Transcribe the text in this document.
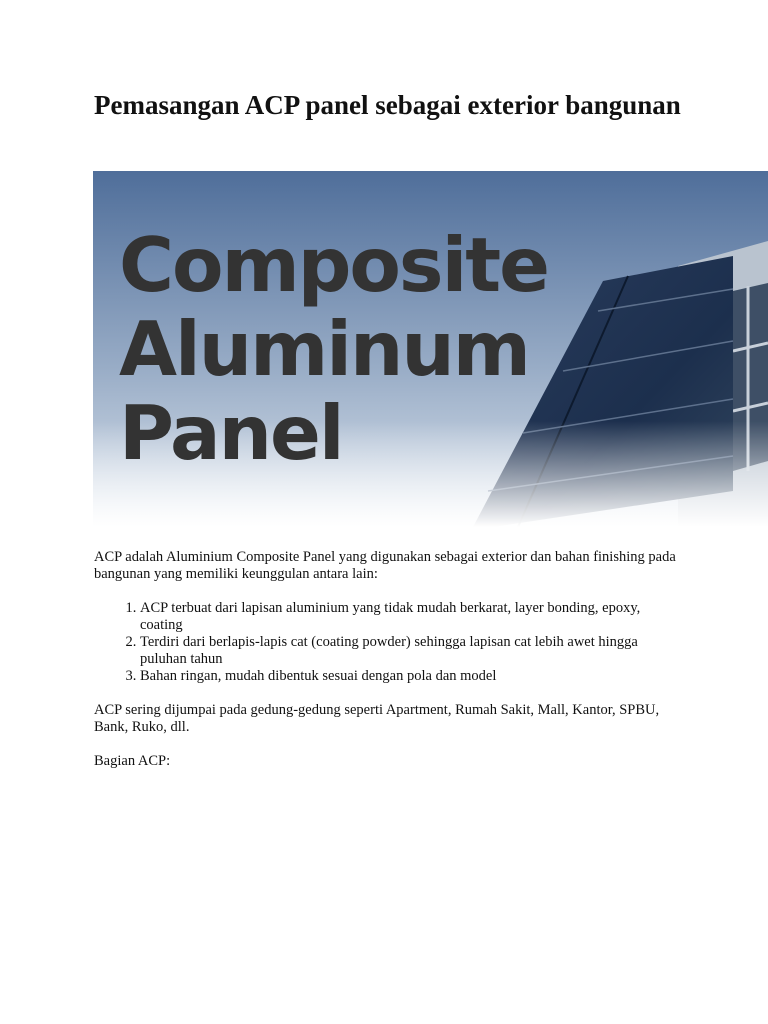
Pemasangan ACP panel sebagai exterior bangunan
Composite
Aluminum
Panel

ACP adalah Aluminium Composite Panel yang digunakan sebagai exterior dan bahan finishing pada bangunan yang memiliki keunggulan antara lain:

1. ACP terbuat dari lapisan aluminium yang tidak mudah berkarat, layer bonding, epoxy, coating
2. Terdiri dari berlapis-lapis cat (coating powder) sehingga lapisan cat lebih awet hingga puluhan tahun
3. Bahan ringan, mudah dibentuk sesuai dengan pola dan model

ACP sering dijumpai pada gedung-gedung seperti Apartment, Rumah Sakit, Mall, Kantor, SPBU, Bank, Ruko, dll.

Bagian ACP:
